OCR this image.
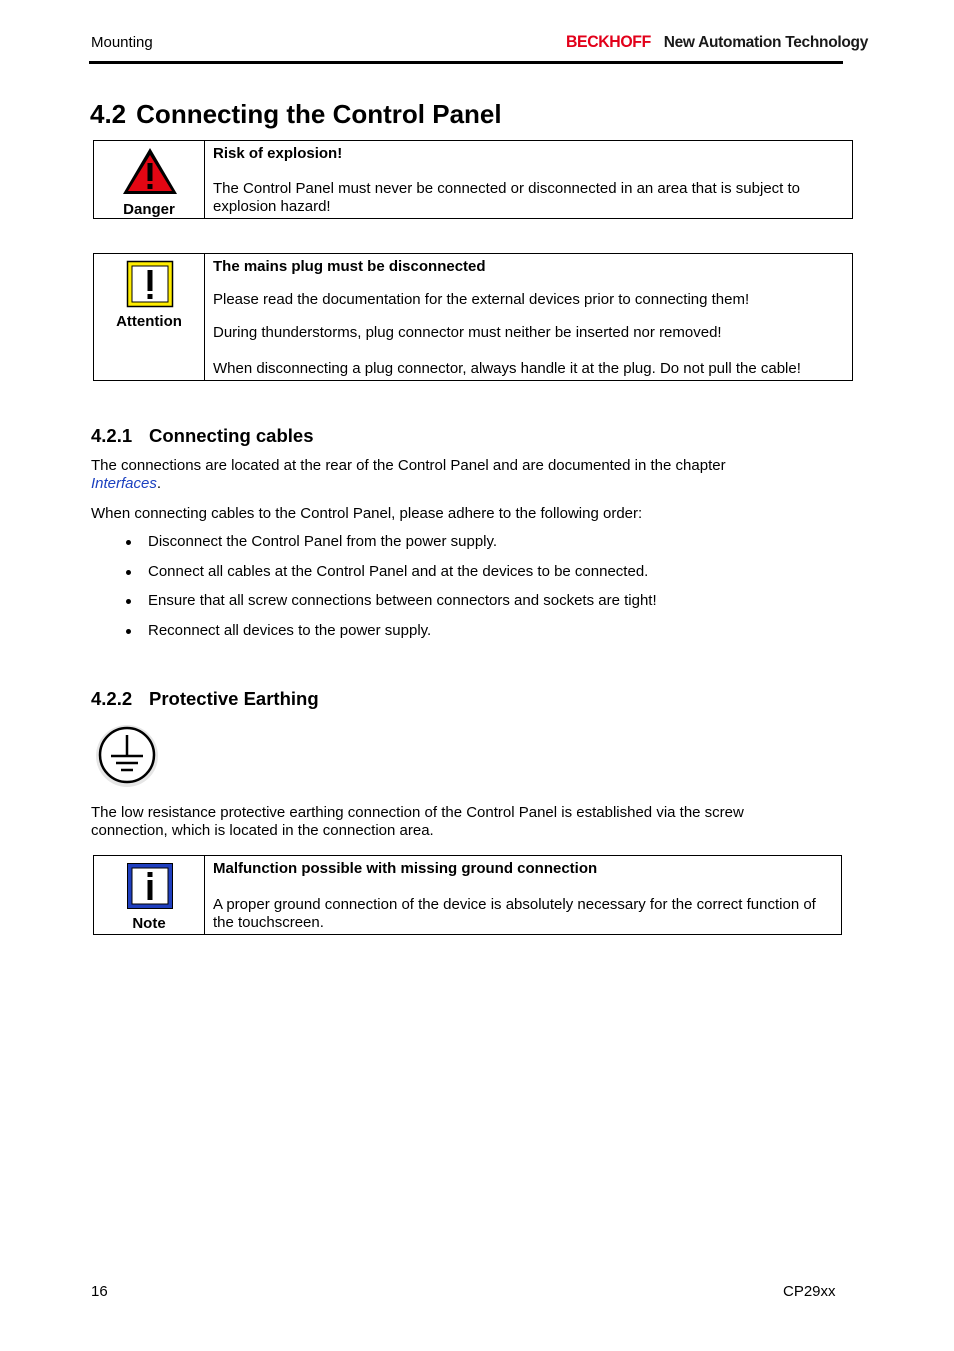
Mounting	BECKHOFF New Automation Technology
4.2 Connecting the Control Panel
Danger
Risk of explosion!
The Control Panel must never be connected or disconnected in an area that is subject to explosion hazard!
Attention
The mains plug must be disconnected
Please read the documentation for the external devices prior to connecting them!
During thunderstorms, plug connector must neither be inserted nor removed!
When disconnecting a plug connector, always handle it at the plug. Do not pull the cable!
4.2.1 Connecting cables
The connections are located at the rear of the Control Panel and are documented in the chapter
Interfaces.
When connecting cables to the Control Panel, please adhere to the following order:
Disconnect the Control Panel from the power supply.
Connect all cables at the Control Panel and at the devices to be connected.
Ensure that all screw connections between connectors and sockets are tight!
Reconnect all devices to the power supply.
4.2.2 Protective Earthing
The low resistance protective earthing connection of the Control Panel is established via the screw connection, which is located in the connection area.
Note
Malfunction possible with missing ground connection
A proper ground connection of the device is absolutely necessary for the correct function of the touchscreen.
16	CP29xx
